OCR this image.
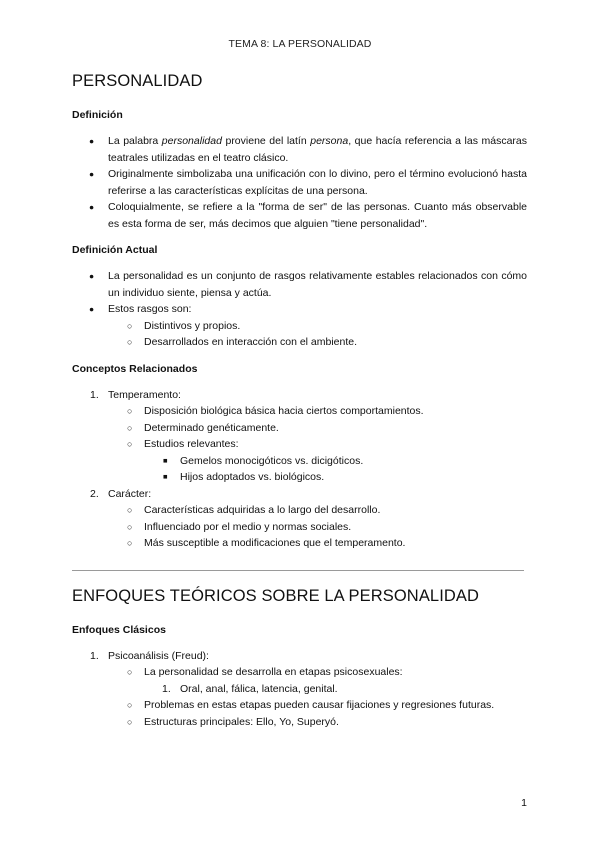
TEMA 8: LA PERSONALIDAD
PERSONALIDAD
Definición
● La palabra personalidad proviene del latín persona, que hacía referencia a las máscaras teatrales utilizadas en el teatro clásico.
● Originalmente simbolizaba una unificación con lo divino, pero el término evolucionó hasta referirse a las características explícitas de una persona.
● Coloquialmente, se refiere a la "forma de ser" de las personas. Cuanto más observable es esta forma de ser, más decimos que alguien "tiene personalidad".
Definición Actual
● La personalidad es un conjunto de rasgos relativamente estables relacionados con cómo un individuo siente, piensa y actúa.
● Estos rasgos son:
○ Distintivos y propios.
○ Desarrollados en interacción con el ambiente.
Conceptos Relacionados
1. Temperamento:
○ Disposición biológica básica hacia ciertos comportamientos.
○ Determinado genéticamente.
○ Estudios relevantes:
■ Gemelos monocigóticos vs. dicigóticos.
■ Hijos adoptados vs. biológicos.
2. Carácter:
○ Características adquiridas a lo largo del desarrollo.
○ Influenciado por el medio y normas sociales.
○ Más susceptible a modificaciones que el temperamento.
ENFOQUES TEÓRICOS SOBRE LA PERSONALIDAD
Enfoques Clásicos
1. Psicoanálisis (Freud):
○ La personalidad se desarrolla en etapas psicosexuales:
1. Oral, anal, fálica, latencia, genital.
○ Problemas en estas etapas pueden causar fijaciones y regresiones futuras.
○ Estructuras principales: Ello, Yo, Superyó.
1
